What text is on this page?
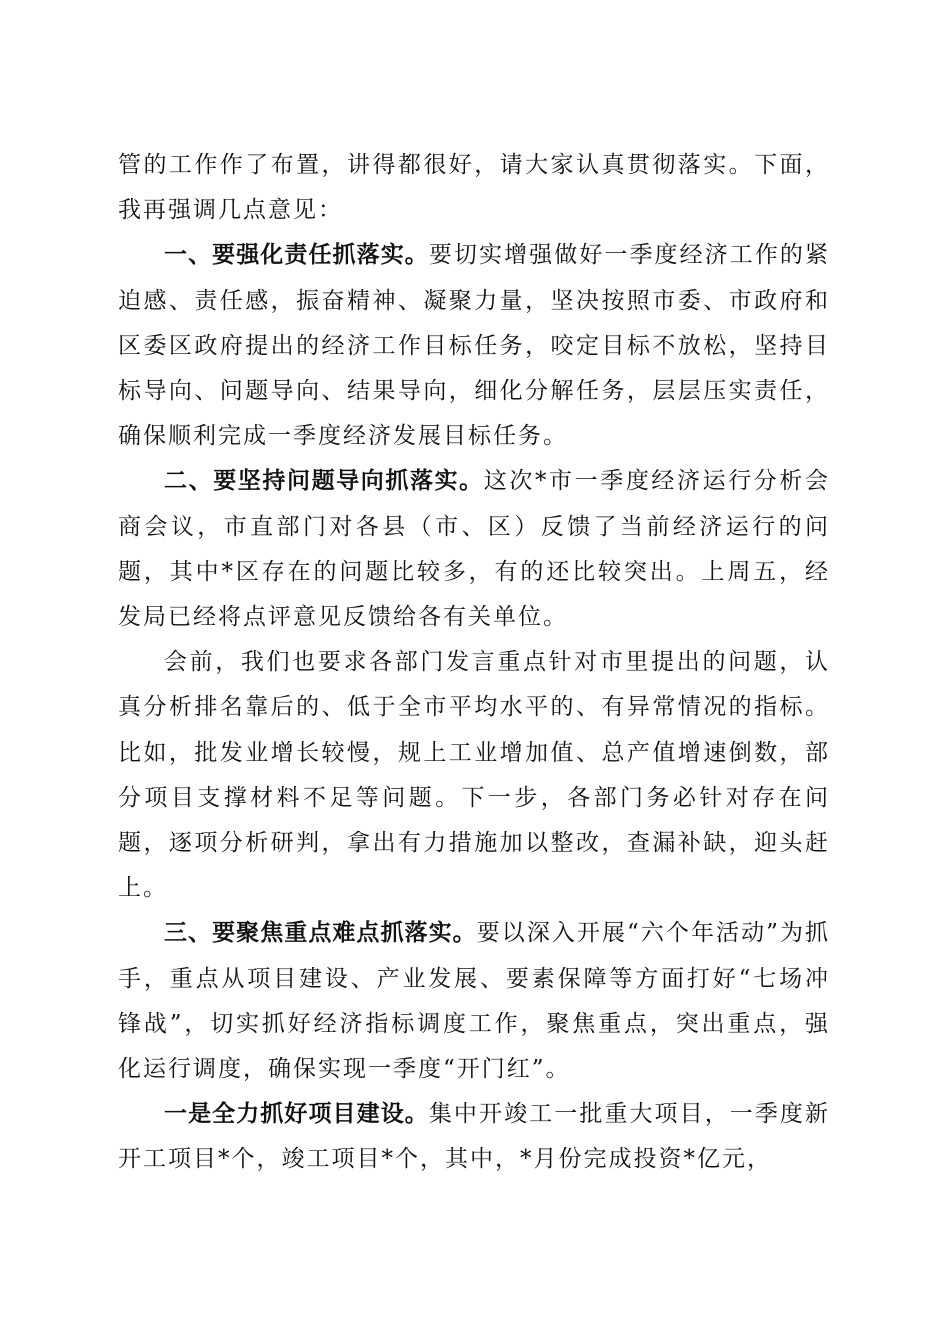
管的工作作了布置，讲得都很好，请大家认真贯彻落实。下面，我再强调几点意见：

一、要强化责任抓落实。要切实增强做好一季度经济工作的紧迫感、责任感，振奋精神、凝聚力量，坚决按照市委、市政府和区委区政府提出的经济工作目标任务，咬定目标不放松，坚持目标导向、问题导向、结果导向，细化分解任务，层层压实责任，确保顺利完成一季度经济发展目标任务。

二、要坚持问题导向抓落实。这次*市一季度经济运行分析会商会议，市直部门对各县（市、区）反馈了当前经济运行的问题，其中*区存在的问题比较多，有的还比较突出。上周五，经发局已经将点评意见反馈给各有关单位。

会前，我们也要求各部门发言重点针对市里提出的问题，认真分析排名靠后的、低于全市平均水平的、有异常情况的指标。比如，批发业增长较慢，规上工业增加值、总产值增速倒数，部分项目支撑材料不足等问题。下一步，各部门务必针对存在问题，逐项分析研判，拿出有力措施加以整改，查漏补缺，迎头赶上。

三、要聚焦重点难点抓落实。要以深入开展“六个年活动”为抓手，重点从项目建设、产业发展、要素保障等方面打好“七场冲锋战”，切实抓好经济指标调度工作，聚焦重点，突出重点，强化运行调度，确保实现一季度“开门红”。

一是全力抓好项目建设。集中开竣工一批重大项目，一季度新开工项目*个，竣工项目*个，其中，*月份完成投资*亿元，
